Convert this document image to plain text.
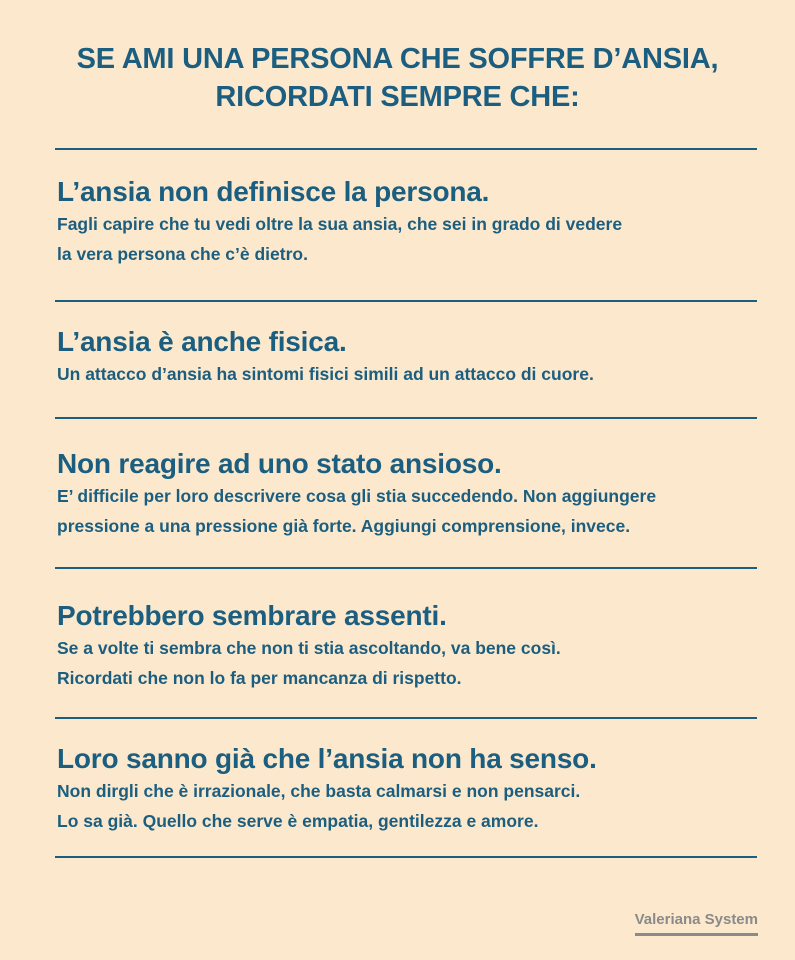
SE AMI UNA PERSONA CHE SOFFRE D’ANSIA,
RICORDATI SEMPRE CHE:
L’ansia non definisce la persona.
Fagli capire che tu vedi oltre la sua ansia, che sei in grado di vedere
la vera persona che c’è dietro.
L’ansia è anche fisica.
Un attacco d’ansia ha sintomi fisici simili ad un attacco di cuore.
Non reagire ad uno stato ansioso.
E’ difficile per loro descrivere cosa gli stia succedendo. Non aggiungere
pressione a una pressione già forte. Aggiungi comprensione, invece.
Potrebbero sembrare assenti.
Se a volte ti sembra che non ti stia ascoltando, va bene così.
Ricordati che non lo fa per mancanza di rispetto.
Loro sanno già che l’ansia non ha senso.
Non dirgli che è irrazionale, che basta calmarsi e non pensarci.
Lo sa già. Quello che serve è empatia, gentilezza e amore.
Valeriana System
